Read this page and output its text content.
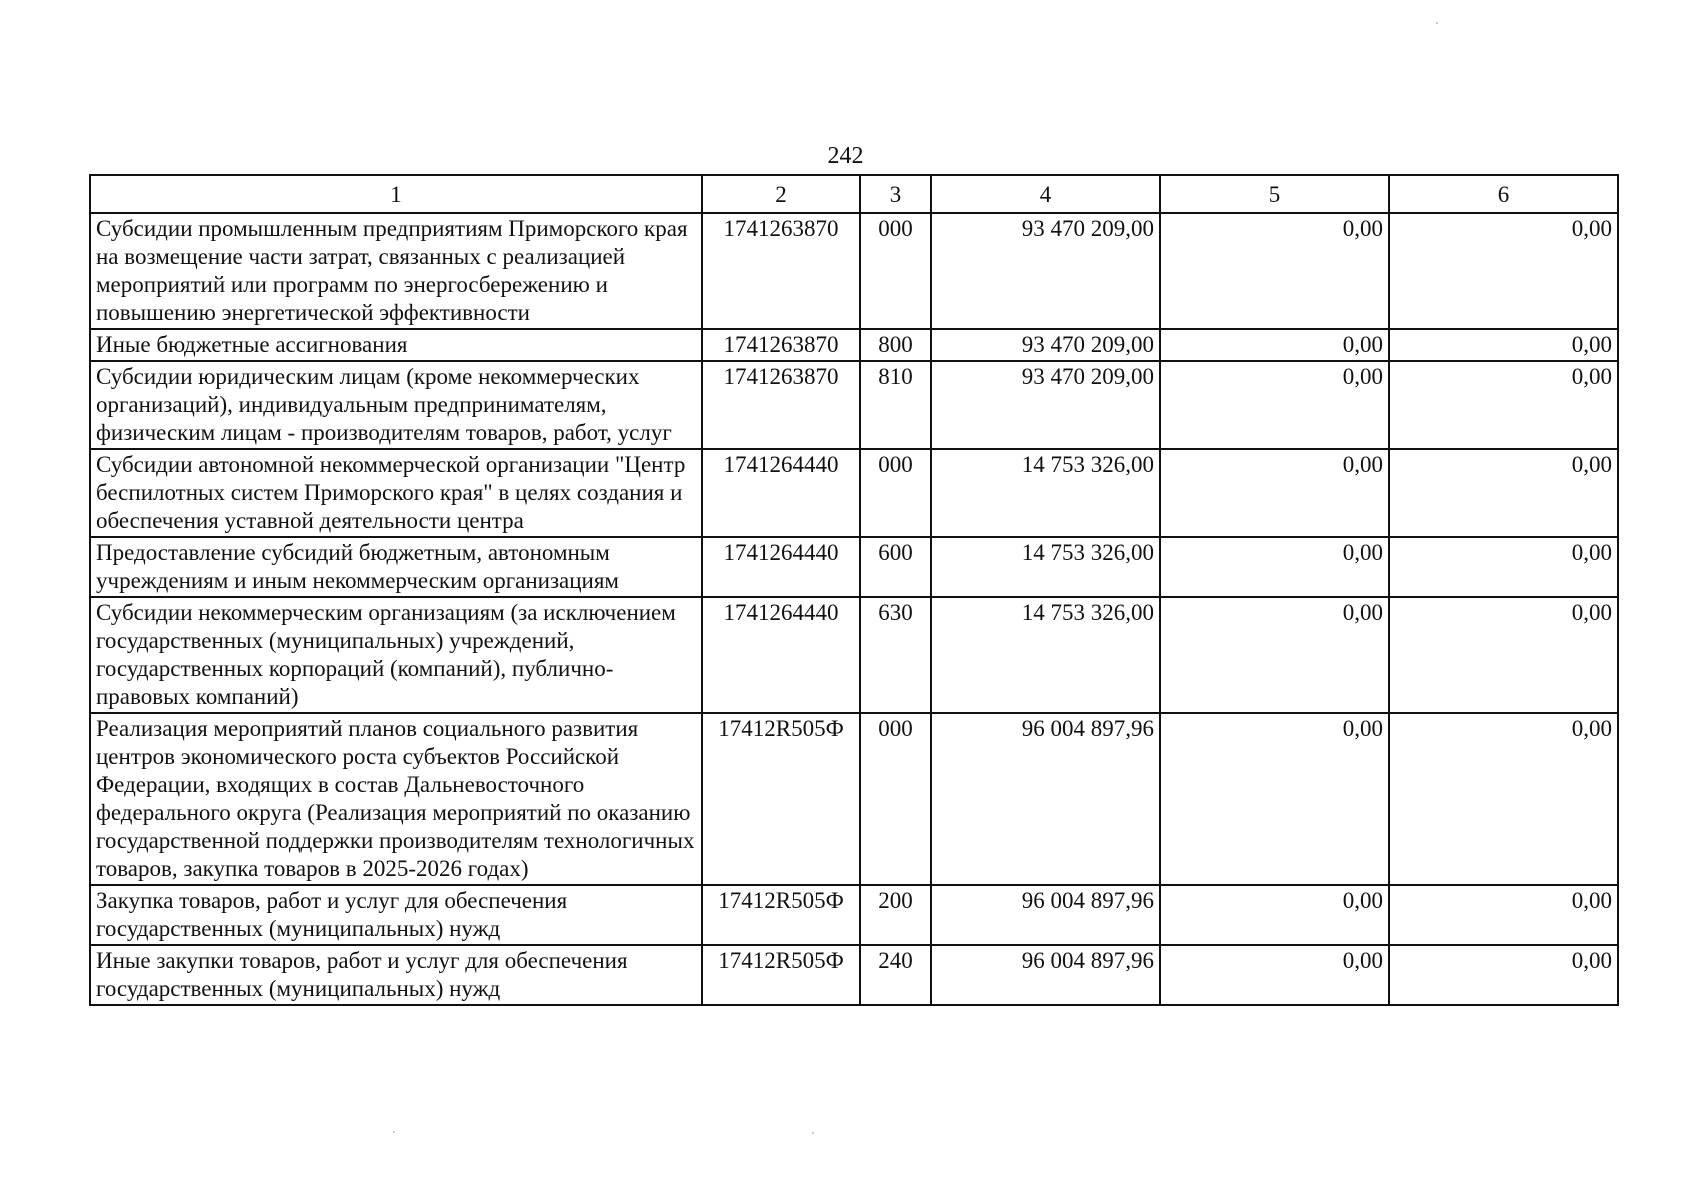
242
1	2	3	4	5	6
Субсидии промышленным предприятиям Приморского края на возмещение части затрат, связанных с реализацией мероприятий или программ по энергосбережению и повышению энергетической эффективности	1741263870	000	93 470 209,00	0,00	0,00
Иные бюджетные ассигнования	1741263870	800	93 470 209,00	0,00	0,00
Субсидии юридическим лицам (кроме некоммерческих организаций), индивидуальным предпринимателям, физическим лицам - производителям товаров, работ, услуг	1741263870	810	93 470 209,00	0,00	0,00
Субсидии автономной некоммерческой организации "Центр беспилотных систем Приморского края" в целях создания и обеспечения уставной деятельности центра	1741264440	000	14 753 326,00	0,00	0,00
Предоставление субсидий бюджетным, автономным учреждениям и иным некоммерческим организациям	1741264440	600	14 753 326,00	0,00	0,00
Субсидии некоммерческим организациям (за исключением государственных (муниципальных) учреждений, государственных корпораций (компаний), публично-правовых компаний)	1741264440	630	14 753 326,00	0,00	0,00
Реализация мероприятий планов социального развития центров экономического роста субъектов Российской Федерации, входящих в состав Дальневосточного федерального округа (Реализация мероприятий по оказанию государственной поддержки производителям технологичных товаров, закупка товаров в 2025-2026 годах)	17412R505Ф	000	96 004 897,96	0,00	0,00
Закупка товаров, работ и услуг для обеспечения государственных (муниципальных) нужд	17412R505Ф	200	96 004 897,96	0,00	0,00
Иные закупки товаров, работ и услуг для обеспечения государственных (муниципальных) нужд	17412R505Ф	240	96 004 897,96	0,00	0,00
